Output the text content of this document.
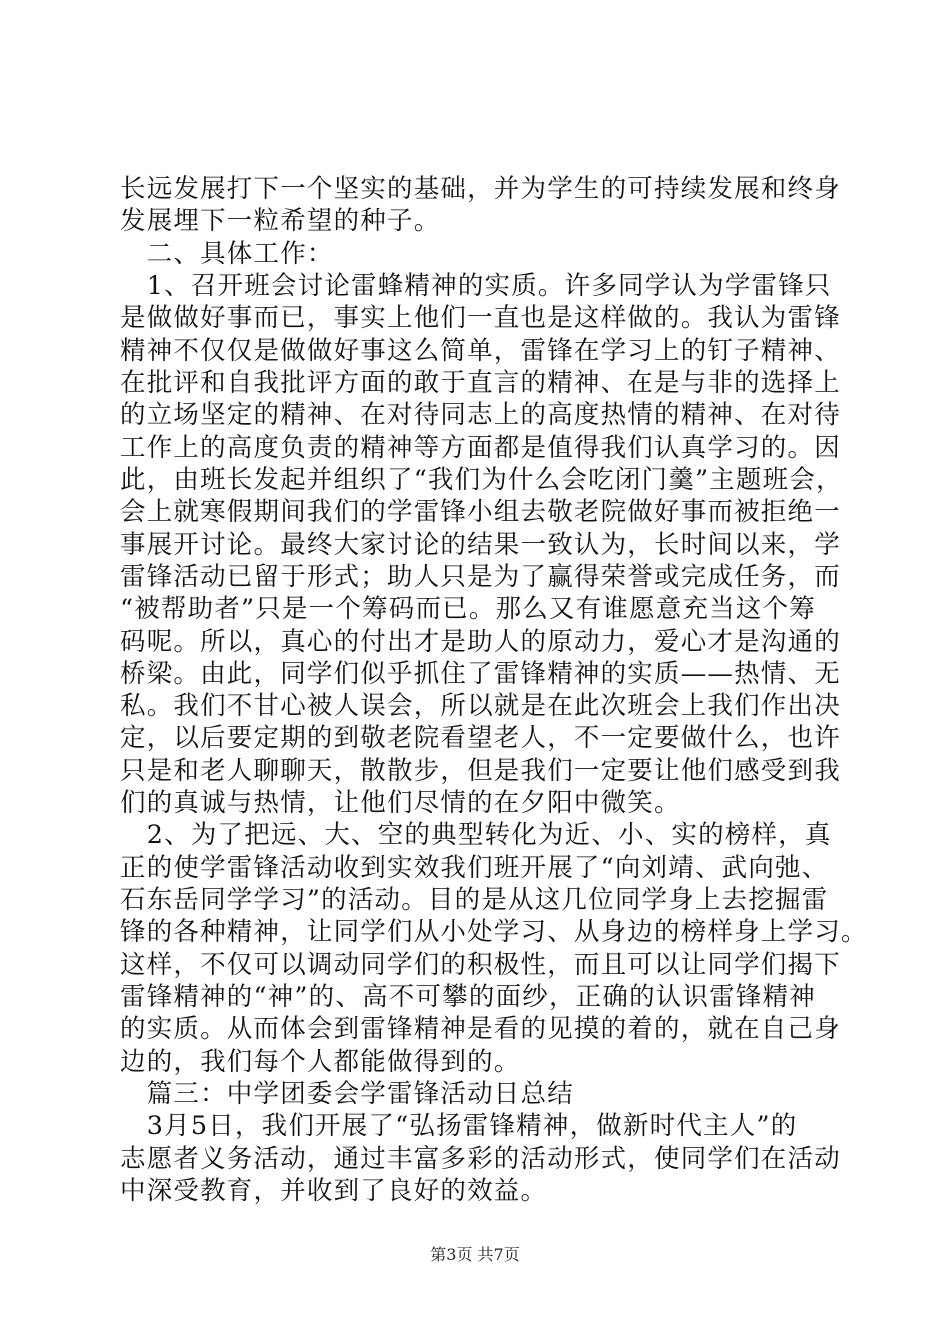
长远发展打下一个坚实的基础，并为学生的可持续发展和终身
发展埋下一粒希望的种子。
　二、具体工作：
　1、召开班会讨论雷蜂精神的实质。许多同学认为学雷锋只
是做做好事而已，事实上他们一直也是这样做的。我认为雷锋
精神不仅仅是做做好事这么简单，雷锋在学习上的钉子精神、
在批评和自我批评方面的敢于直言的精神、在是与非的选择上
的立场坚定的精神、在对待同志上的高度热情的精神、在对待
工作上的高度负责的精神等方面都是值得我们认真学习的。因
此，由班长发起并组织了“我们为什么会吃闭门羹”主题班会，
会上就寒假期间我们的学雷锋小组去敬老院做好事而被拒绝一
事展开讨论。最终大家讨论的结果一致认为，长时间以来，学
雷锋活动已留于形式；助人只是为了赢得荣誉或完成任务，而
“被帮助者”只是一个筹码而已。那么又有谁愿意充当这个筹
码呢。所以，真心的付出才是助人的原动力，爱心才是沟通的
桥梁。由此，同学们似乎抓住了雷锋精神的实质——热情、无
私。我们不甘心被人误会，所以就是在此次班会上我们作出决
定，以后要定期的到敬老院看望老人，不一定要做什么，也许
只是和老人聊聊天，散散步，但是我们一定要让他们感受到我
们的真诚与热情，让他们尽情的在夕阳中微笑。
　2、为了把远、大、空的典型转化为近、小、实的榜样，真
正的使学雷锋活动收到实效我们班开展了“向刘靖、武向弛、
石东岳同学学习”的活动。目的是从这几位同学身上去挖掘雷
锋的各种精神，让同学们从小处学习、从身边的榜样身上学习。
这样，不仅可以调动同学们的积极性，而且可以让同学们揭下
雷锋精神的“神”的、高不可攀的面纱，正确的认识雷锋精神
的实质。从而体会到雷锋精神是看的见摸的着的，就在自己身
边的，我们每个人都能做得到的。
　篇三：中学团委会学雷锋活动日总结
　3月5日，我们开展了“弘扬雷锋精神，做新时代主人”的
志愿者义务活动，通过丰富多彩的活动形式，使同学们在活动
中深受教育，并收到了良好的效益。
第3页 共7页
